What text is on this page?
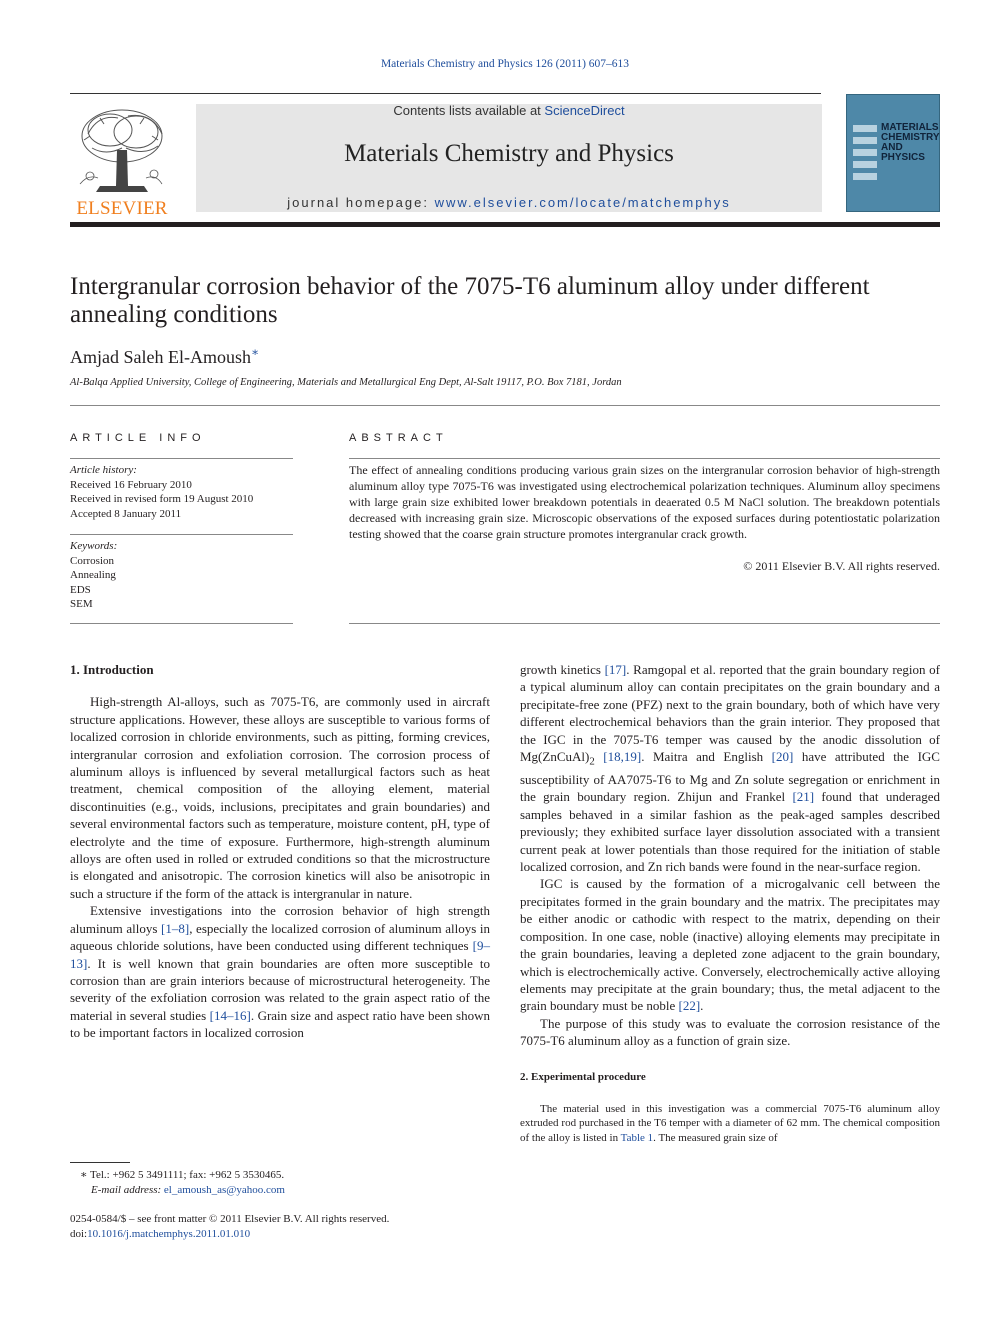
Materials Chemistry and Physics 126 (2011) 607–613
ELSEVIER
Contents lists available at ScienceDirect
Materials Chemistry and Physics
journal homepage: www.elsevier.com/locate/matchemphys
MATERIALS CHEMISTRY AND PHYSICS
Intergranular corrosion behavior of the 7075-T6 aluminum alloy under different annealing conditions
Amjad Saleh El-Amoush∗
Al-Balqa Applied University, College of Engineering, Materials and Metallurgical Eng Dept, Al-Salt 19117, P.O. Box 7181, Jordan
ARTICLE INFO
Article history:
Received 16 February 2010
Received in revised form 19 August 2010
Accepted 8 January 2011
Keywords:
Corrosion
Annealing
EDS
SEM
ABSTRACT
The effect of annealing conditions producing various grain sizes on the intergranular corrosion behavior of high-strength aluminum alloy type 7075-T6 was investigated using electrochemical polarization techniques. Aluminum alloy specimens with large grain size exhibited lower breakdown potentials in deaerated 0.5 M NaCl solution. The breakdown potentials decreased with increasing grain size. Microscopic observations of the exposed surfaces during potentiostatic polarization testing showed that the coarse grain structure promotes intergranular crack growth.
© 2011 Elsevier B.V. All rights reserved.
1. Introduction

High-strength Al-alloys, such as 7075-T6, are commonly used in aircraft structure applications. However, these alloys are susceptible to various forms of localized corrosion in chloride environments, such as pitting, forming crevices, intergranular corrosion and exfoliation corrosion. The corrosion process of aluminum alloys is influenced by several metallurgical factors such as heat treatment, chemical composition of the alloying element, material discontinuities (e.g., voids, inclusions, precipitates and grain boundaries) and several environmental factors such as temperature, moisture content, pH, type of electrolyte and the time of exposure. Furthermore, high-strength aluminum alloys are often used in rolled or extruded conditions so that the microstructure is elongated and anisotropic. The corrosion kinetics will also be anisotropic in such a structure if the form of the attack is intergranular in nature.

Extensive investigations into the corrosion behavior of high strength aluminum alloys [1–8], especially the localized corrosion of aluminum alloys in aqueous chloride solutions, have been conducted using different techniques [9–13]. It is well known that grain boundaries are often more susceptible to corrosion than are grain interiors because of microstructural heterogeneity. The severity of the exfoliation corrosion was related to the grain aspect ratio of the material in several studies [14–16]. Grain size and aspect ratio have been shown to be important factors in localized corrosion

growth kinetics [17]. Ramgopal et al. reported that the grain boundary region of a typical aluminum alloy can contain precipitates on the grain boundary and a precipitate-free zone (PFZ) next to the grain boundary, both of which have very different electrochemical behaviors than the grain interior. They proposed that the IGC in the 7075-T6 temper was caused by the anodic dissolution of $Mg(ZnCuAl)_2$ [18,19]. Maitra and English [20] have attributed the IGC susceptibility of AA7075-T6 to Mg and Zn solute segregation or enrichment in the grain boundary region. Zhijun and Frankel [21] found that underaged samples behaved in a similar fashion as the peak-aged samples described previously; they exhibited surface layer dissolution associated with a transient current peak at lower potentials than those required for the initiation of stable localized corrosion, and Zn rich bands were found in the near-surface region.

IGC is caused by the formation of a microgalvanic cell between the precipitates formed in the grain boundary and the matrix. The precipitates may be either anodic or cathodic with respect to the matrix, depending on their composition. In one case, noble (inactive) alloying elements may precipitate in the grain boundaries, leaving a depleted zone adjacent to the grain boundary, which is electrochemically active. Conversely, electrochemically active alloying elements may precipitate at the grain boundary; thus, the metal adjacent to the grain boundary must be noble [22].

The purpose of this study was to evaluate the corrosion resistance of the 7075-T6 aluminum alloy as a function of grain size.

2. Experimental procedure

The material used in this investigation was a commercial 7075-T6 aluminum alloy extruded rod purchased in the T6 temper with a diameter of 62 mm. The chemical composition of the alloy is listed in Table 1. The measured grain size of

∗ Tel.: +962 5 3491111; fax: +962 5 3530465.
E-mail address: el_amoush_as@yahoo.com
0254-0584/$ – see front matter © 2011 Elsevier B.V. All rights reserved.
doi:10.1016/j.matchemphys.2011.01.010
